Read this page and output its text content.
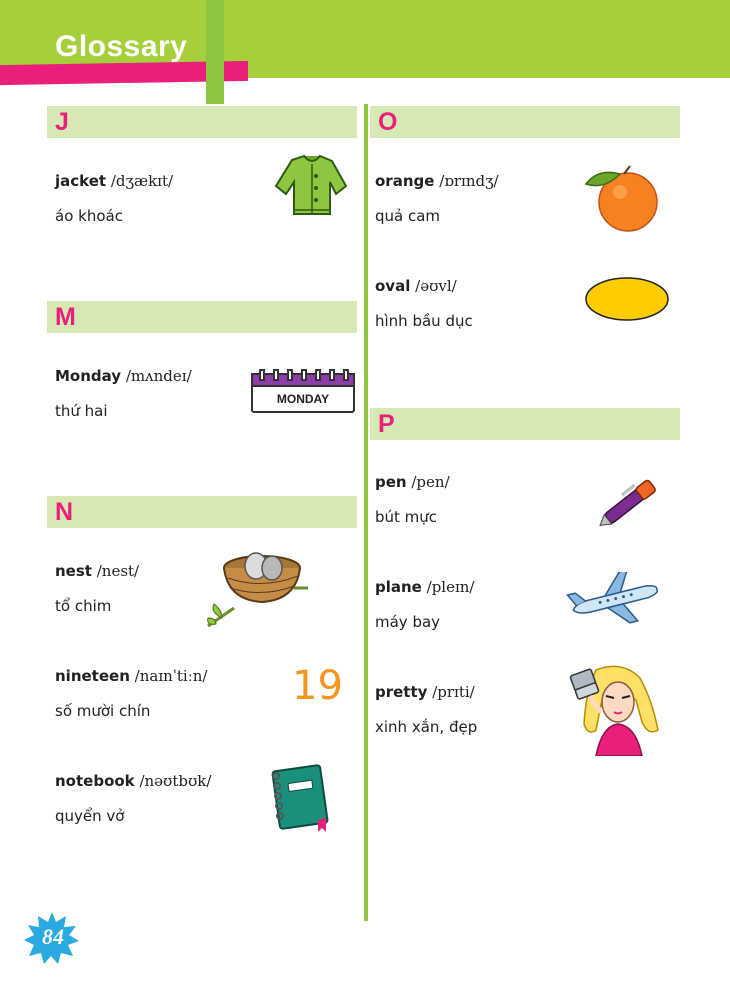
Glossary
J
M
N
O
P
jacket /dʒækɪt/
áo khoác
Monday /mʌndeɪ/
thứ hai
nest /nest/
tổ chim
nineteen /naɪnˈtiːn/
số mười chín
notebook /nəʊtbʊk/
quyển vở
orange /ɒrɪndʒ/
quả cam
oval /əʊvl/
hình bầu dục
pen /pen/
bút mực
plane /pleɪn/
máy bay
pretty /prɪti/
xinh xắn, đẹp
MONDAY
19
84
